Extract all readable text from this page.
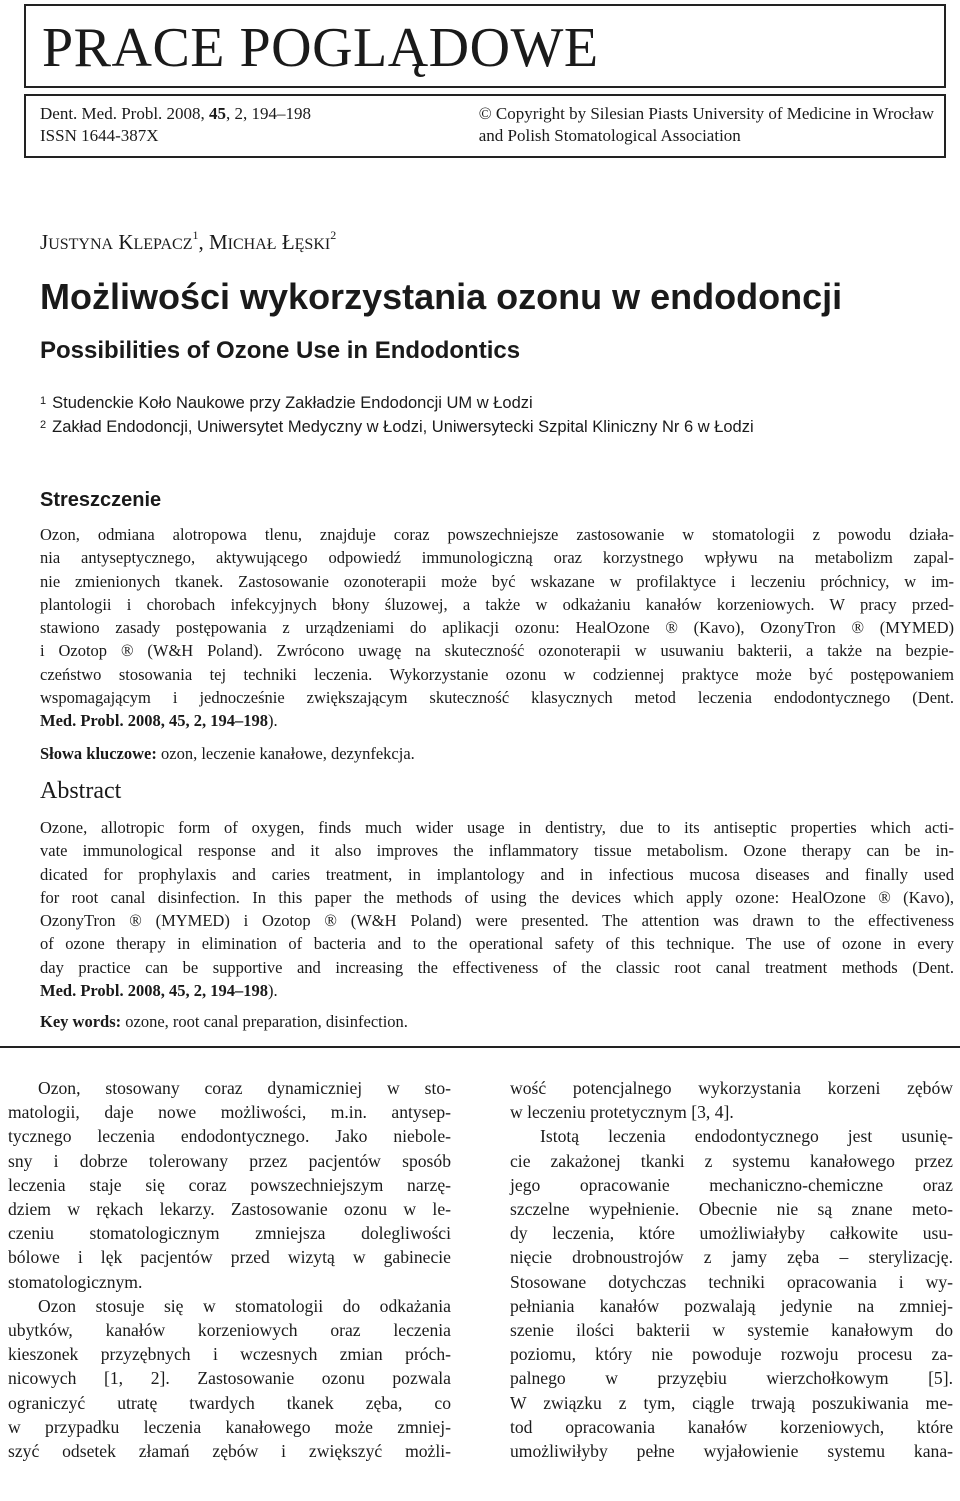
PRACE POGLĄDOWE
Dent. Med. Probl. 2008, 45, 2, 194–198
ISSN 1644-387X
© Copyright by Silesian Piasts University of Medicine in Wrocław
and Polish Stomatological Association
JUSTYNA KLEPACZ$^1$, MICHAŁ ŁĘSKI$^2$
Możliwości wykorzystania ozonu w endodoncji
Possibilities of Ozone Use in Endodontics
$^1$ Studenckie Koło Naukowe przy Zakładzie Endodoncji UM w Łodzi
$^2$ Zakład Endodoncji, Uniwersytet Medyczny w Łodzi, Uniwersytecki Szpital Kliniczny Nr 6 w Łodzi
Streszczenie
Ozon, odmiana alotropowa tlenu, znajduje coraz powszechniejsze zastosowanie w stomatologii z powodu działa-
nia antyseptycznego, aktywującego odpowiedź immunologiczną oraz korzystnego wpływu na metabolizm zapal-
nie zmienionych tkanek. Zastosowanie ozonoterapii może być wskazane w profilaktyce i leczeniu próchnicy, w im-
plantologii i chorobach infekcyjnych błony śluzowej, a także w odkażaniu kanałów korzeniowych. W pracy przed-
stawiono zasady postępowania z urządzeniami do aplikacji ozonu: HealOzone ® (Kavo), OzonyTron ® (MYMED)
i Ozotop ® (W&H Poland). Zwrócono uwagę na skuteczność ozonoterapii w usuwaniu bakterii, a także na bezpie-
czeństwo stosowania tej techniki leczenia. Wykorzystanie ozonu w codziennej praktyce może być postępowaniem
wspomagającym i jednocześnie zwiększającym skuteczność klasycznych metod leczenia endodontycznego (Dent.
Med. Probl. 2008, 45, 2, 194–198).
Słowa kluczowe: ozon, leczenie kanałowe, dezynfekcja.
Abstract
Ozone, allotropic form of oxygen, finds much wider usage in dentistry, due to its antiseptic properties which acti-
vate immunological response and it also improves the inflammatory tissue metabolism. Ozone therapy can be in-
dicated for prophylaxis and caries treatment, in implantology and in infectious mucosa diseases and finally used
for root canal disinfection. In this paper the methods of using the devices which apply ozone: HealOzone ® (Kavo),
OzonyTron ® (MYMED) i Ozotop ® (W&H Poland) were presented. The attention was drawn to the effectiveness
of ozone therapy in elimination of bacteria and to the operational safety of this technique. The use of ozone in every
day practice can be supportive and increasing the effectiveness of the classic root canal treatment methods (Dent.
Med. Probl. 2008, 45, 2, 194–198).
Key words: ozone, root canal preparation, disinfection.
Ozon, stosowany coraz dynamiczniej w sto-
matologii, daje nowe możliwości, m.in. antysep-
tycznego leczenia endodontycznego. Jako niebole-
sny i dobrze tolerowany przez pacjentów sposób
leczenia staje się coraz powszechniejszym narzę-
dziem w rękach lekarzy. Zastosowanie ozonu w le-
czeniu stomatologicznym zmniejsza dolegliwości
bólowe i lęk pacjentów przed wizytą w gabinecie
stomatologicznym.
Ozon stosuje się w stomatologii do odkażania
ubytków, kanałów korzeniowych oraz leczenia
kieszonek przyzębnych i wczesnych zmian próch-
nicowych [1, 2]. Zastosowanie ozonu pozwala
ograniczyć utratę twardych tkanek zęba, co
w przypadku leczenia kanałowego może zmniej-
szyć odsetek złamań zębów i zwiększyć możli-
wość potencjalnego wykorzystania korzeni zębów
w leczeniu protetycznym [3, 4].
Istotą leczenia endodontycznego jest usunię-
cie zakażonej tkanki z systemu kanałowego przez
jego opracowanie mechaniczno-chemiczne oraz
szczelne wypełnienie. Obecnie nie są znane meto-
dy leczenia, które umożliwiałyby całkowite usu-
nięcie drobnoustrojów z jamy zęba – sterylizację.
Stosowane dotychczas techniki opracowania i wy-
pełniania kanałów pozwalają jedynie na zmniej-
szenie ilości bakterii w systemie kanałowym do
poziomu, który nie powoduje rozwoju procesu za-
palnego w przyzębiu wierzchołkowym [5].
W związku z tym, ciągle trwają poszukiwania me-
tod opracowania kanałów korzeniowych, które
umożliwiłyby pełne wyjałowienie systemu kana-
